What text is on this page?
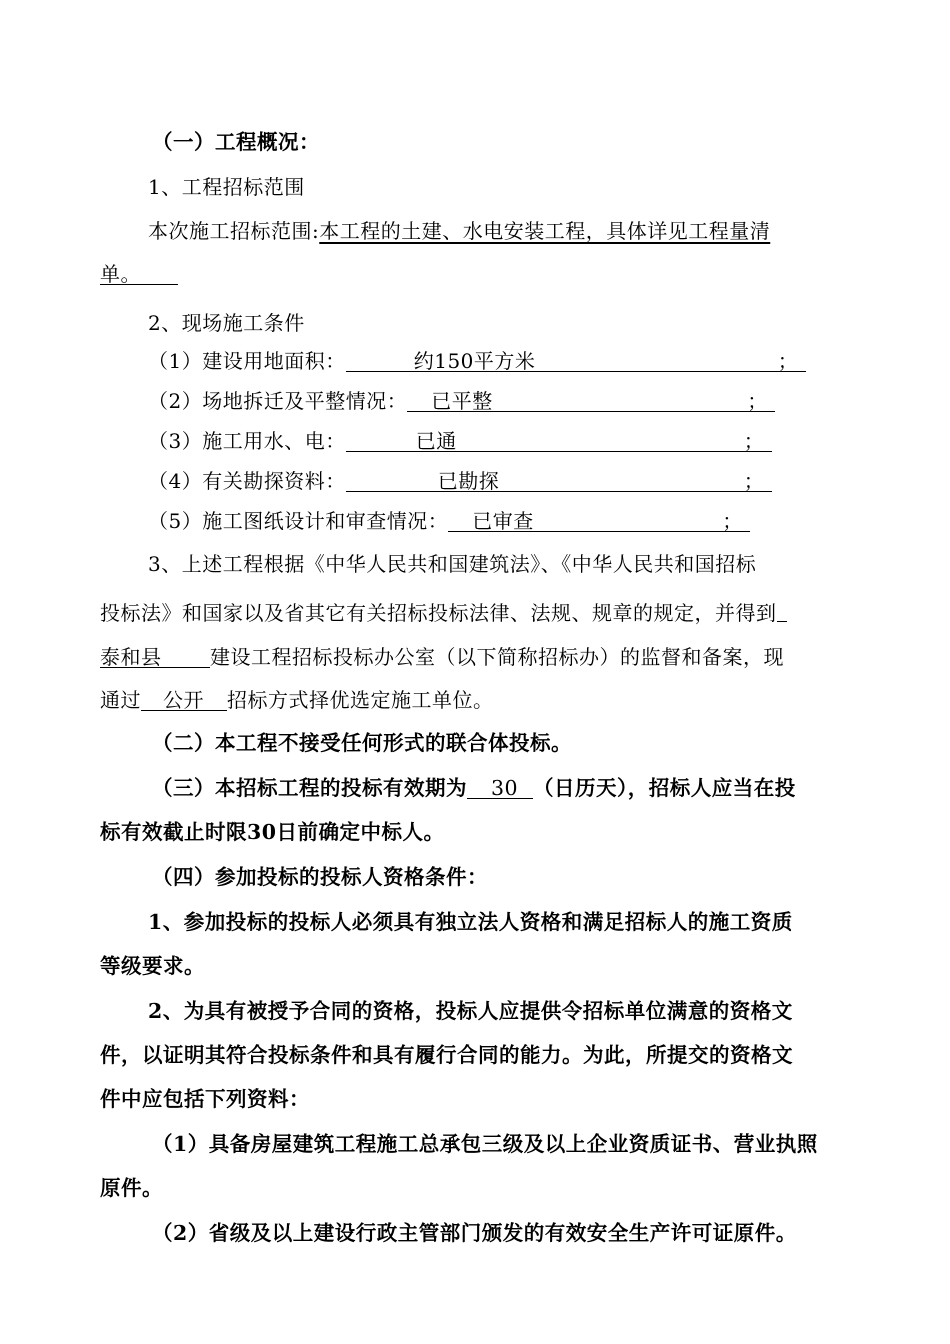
（一）工程概况：
1、工程招标范围
本次施工招标范围:本工程的土建、水电安装工程，具体详见工程量清
单。
2、现场施工条件
（1）建设用地面积：	约150平方米	；
（2）场地拆迁及平整情况： 已平整	；
（3）施工用水、电：	已通	；
（4）有关勘探资料：	已勘探	；
（5）施工图纸设计和审查情况： 已审查	；
3、上述工程根据《中华人民共和国建筑法》、《中华人民共和国招标
投标法》和国家以及省其它有关招标投标法律、法规、规章的规定，并得到
泰和县 建设工程招标投标办公室（以下简称招标办）的监督和备案，现
通过 公开 招标方式择优选定施工单位。
（二）本工程不接受任何形式的联合体投标。
（三）本招标工程的投标有效期为 30 （日历天），招标人应当在投
标有效截止时限30日前确定中标人。
（四）参加投标的投标人资格条件：
1、参加投标的投标人必须具有独立法人资格和满足招标人的施工资质
等级要求。
2、为具有被授予合同的资格，投标人应提供令招标单位满意的资格文
件，以证明其符合投标条件和具有履行合同的能力。为此，所提交的资格文
件中应包括下列资料：
（1）具备房屋建筑工程施工总承包三级及以上企业资质证书、营业执照
原件。
（2）省级及以上建设行政主管部门颁发的有效安全生产许可证原件。
